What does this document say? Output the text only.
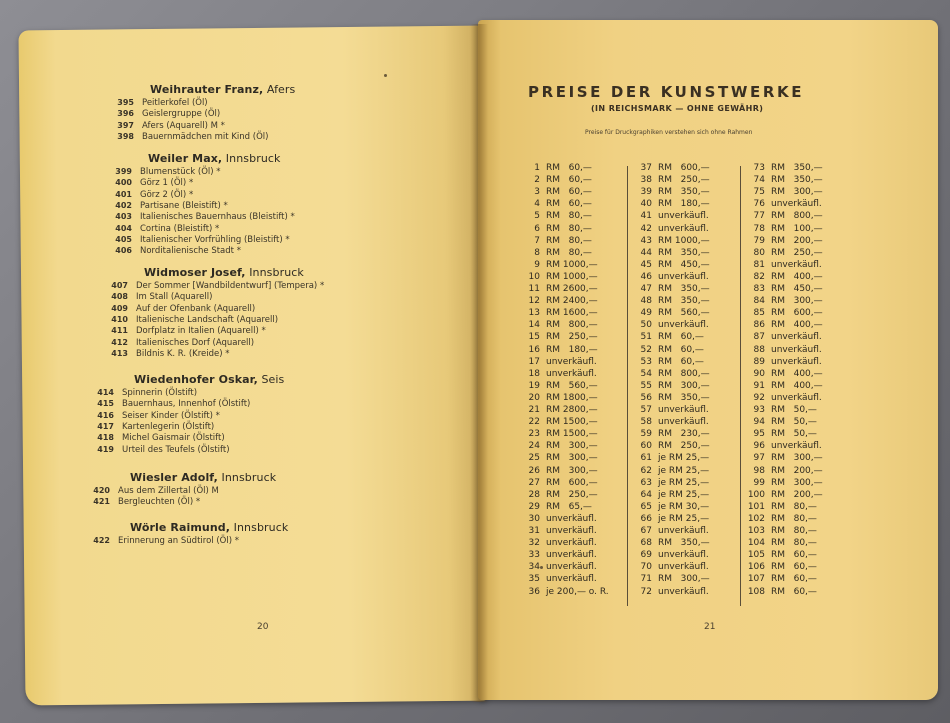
Weihrauter Franz, Afers
395 Peitlerkofel (Öl)
396 Geislergruppe (Öl)
397 Afers (Aquarell) M *
398 Bauernmädchen mit Kind (Öl)
Weiler Max, Innsbruck
399 Blumenstück (Öl) *
400 Görz 1 (Öl) *
401 Görz 2 (Öl) *
402 Partisane (Bleistift) *
403 Italienisches Bauernhaus (Bleistift) *
404 Cortina (Bleistift) *
405 Italienischer Vorfrühling (Bleistift) *
406 Norditalienische Stadt *
Widmoser Josef, Innsbruck
407 Der Sommer [Wandbildentwurf] (Tempera) *
408 Im Stall (Aquarell)
409 Auf der Ofenbank (Aquarell)
410 Italienische Landschaft (Aquarell)
411 Dorfplatz in Italien (Aquarell) *
412 Italienisches Dorf (Aquarell)
413 Bildnis K. R. (Kreide) *
Wiedenhofer Oskar, Seis
414 Spinnerin (Ölstift)
415 Bauernhaus, Innenhof (Ölstift)
416 Seiser Kinder (Ölstift) *
417 Kartenlegerin (Ölstift)
418 Michel Gaismair (Ölstift)
419 Urteil des Teufels (Ölstift)
Wiesler Adolf, Innsbruck
420 Aus dem Zillertal (Öl) M
421 Bergleuchten (Öl) *
Wörle Raimund, Innsbruck
422 Erinnerung an Südtirol (Öl) *
20
PREISE DER KUNSTWERKE
(IN REICHSMARK — OHNE GEWÄHR)
Preise für Druckgraphiken verstehen sich ohne Rahmen
1 RM   60,—
2 RM   60,—
3 RM   60,—
4 RM   60,—
5 RM   80,—
6 RM   80,—
7 RM   80,—
8 RM   80,—
9 RM 1000,—
10 RM 1000,—
11 RM 2600,—
12 RM 2400,—
13 RM 1600,—
14 RM   800,—
15 RM   250,—
16 RM   180,—
17 unverkäufl.
18 unverkäufl.
19 RM   560,—
20 RM 1800,—
21 RM 2800,—
22 RM 1500,—
23 RM 1500,—
24 RM   300,—
25 RM   300,—
26 RM   300,—
27 RM   600,—
28 RM   250,—
29 RM   65,—
30 unverkäufl.
31 unverkäufl.
32 unverkäufl.
33 unverkäufl.
34 unverkäufl.
35 unverkäufl.
36 je 200,— o. R.
37 RM   600,—
38 RM   250,—
39 RM   350,—
40 RM   180,—
41 unverkäufl.
42 unverkäufl.
43 RM 1000,—
44 RM   350,—
45 RM   450,—
46 unverkäufl.
47 RM   350,—
48 RM   350,—
49 RM   560,—
50 unverkäufl.
51 RM   60,—
52 RM   60,—
53 RM   60,—
54 RM   800,—
55 RM   300,—
56 RM   350,—
57 unverkäufl.
58 unverkäufl.
59 RM   230,—
60 RM   250,—
61 je RM 25,—
62 je RM 25,—
63 je RM 25,—
64 je RM 25,—
65 je RM 30,—
66 je RM 25,—
67 unverkäufl.
68 RM   350,—
69 unverkäufl.
70 unverkäufl.
71 RM   300,—
72 unverkäufl.
73 RM   350,—
74 RM   350,—
75 RM   300,—
76 unverkäufl.
77 RM   800,—
78 RM   100,—
79 RM   200,—
80 RM   250,—
81 unverkäufl.
82 RM   400,—
83 RM   450,—
84 RM   300,—
85 RM   600,—
86 RM   400,—
87 unverkäufl.
88 unverkäufl.
89 unverkäufl.
90 RM   400,—
91 RM   400,—
92 unverkäufl.
93 RM   50,—
94 RM   50,—
95 RM   50,—
96 unverkäufl.
97 RM   300,—
98 RM   200,—
99 RM   300,—
100 RM   200,—
101 RM   80,—
102 RM   80,—
103 RM   80,—
104 RM   80,—
105 RM   60,—
106 RM   60,—
107 RM   60,—
108 RM   60,—
21
